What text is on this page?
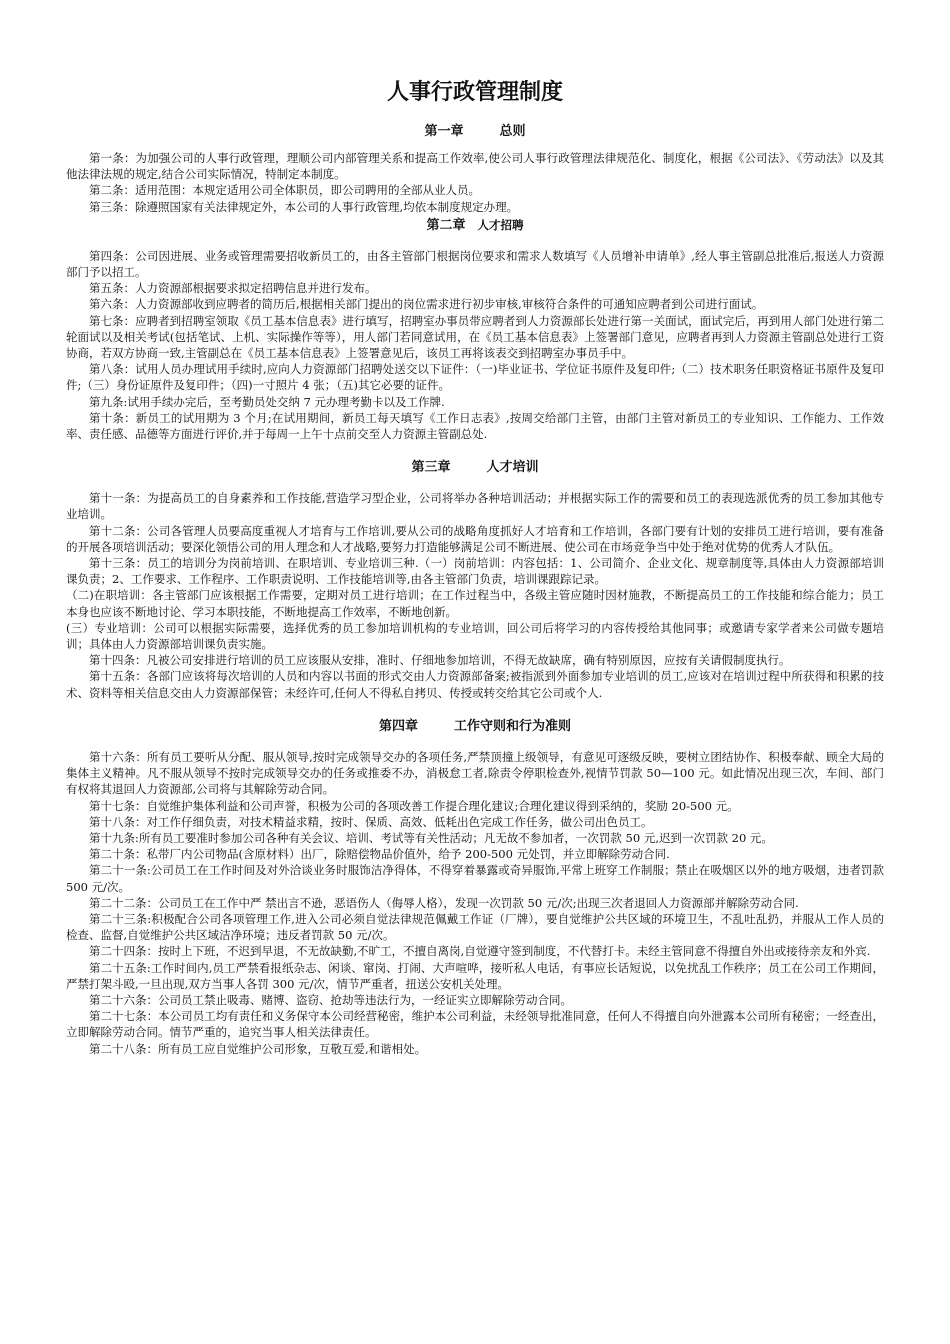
人事行政管理制度
第一章	总则

第一条：为加强公司的人事行政管理，理顺公司内部管理关系和提高工作效率,使公司人事行政管理法律规范化、制度化，根据《公司法》、《劳动法》以及其他法律法规的规定,结合公司实际情况，特制定本制度。

第二条：适用范围：本规定适用公司全体职员，即公司聘用的全部从业人员。

第三条：除遵照国家有关法律规定外，本公司的人事行政管理,均依本制度规定办理。

第二章 人才招聘

第四条：公司因进展、业务或管理需要招收新员工的，由各主管部门根据岗位要求和需求人数填写《人员增补申请单》,经人事主管副总批准后,报送人力资源部门予以招工。

第五条：人力资源部根据要求拟定招聘信息并进行发布。

第六条：人力资源部收到应聘者的简历后,根据相关部门提出的岗位需求进行初步审核,审核符合条件的可通知应聘者到公司进行面试。

第七条：应聘者到招聘室领取《员工基本信息表》进行填写，招聘室办事员带应聘者到人力资源部长处进行第一关面试，面试完后，再到用人部门处进行第二轮面试以及相关考试(包括笔试、上机、实际操作等等），用人部门若同意试用，在《员工基本信息表》上签署部门意见，应聘者再到人力资源主管副总处进行工资协商，若双方协商一致,主管副总在《员工基本信息表》上签署意见后，该员工再将该表交到招聘室办事员手中。

第八条：试用人员办理试用手续时,应向人力资源部门招聘处送交以下证件：（一)毕业证书、学位证书原件及复印件;（二）技术职务任职资格证书原件及复印件;（三）身份证原件及复印件；（四)一寸照片 4 张；（五)其它必要的证件。

第九条:试用手续办完后，至考勤员处交纳 7 元办理考勤卡以及工作牌.

第十条：新员工的试用期为 3 个月;在试用期间，新员工每天填写《工作日志表》,按周交给部门主管，由部门主管对新员工的专业知识、工作能力、工作效率、责任感、品德等方面进行评价,并于每周一上午十点前交至人力资源主管副总处.

第三章	人才培训

第十一条：为提高员工的自身素养和工作技能,营造学习型企业，公司将举办各种培训活动；并根据实际工作的需要和员工的表现选派优秀的员工参加其他专业培训。

第十二条：公司各管理人员要高度重视人才培育与工作培训,要从公司的战略角度抓好人才培育和工作培训，各部门要有计划的安排员工进行培训，要有准备的开展各项培训活动；要深化领悟公司的用人理念和人才战略,要努力打造能够满足公司不断进展、使公司在市场竞争当中处于绝对优势的优秀人才队伍。

第十三条：员工的培训分为岗前培训、在职培训、专业培训三种.（一）岗前培训：内容包括：1、公司简介、企业文化、规章制度等,具体由人力资源部培训课负责；2、工作要求、工作程序、工作职责说明、工作技能培训等,由各主管部门负责，培训课跟踪记录。

（二)在职培训：各主管部门应该根据工作需要，定期对员工进行培训；在工作过程当中，各级主管应随时因材施教，不断提高员工的工作技能和综合能力；员工本身也应该不断地讨论、学习本职技能，不断地提高工作效率，不断地创新。

(三）专业培训：公司可以根据实际需要，选择优秀的员工参加培训机构的专业培训，回公司后将学习的内容传授给其他同事；或邀请专家学者来公司做专题培训；具体由人力资源部培训课负责实施。

第十四条：凡被公司安排进行培训的员工应该服从安排，准时、仔细地参加培训，不得无故缺席，确有特别原因，应按有关请假制度执行。

第十五条：各部门应该将每次培训的人员和内容以书面的形式交由人力资源部备案;被指派到外面参加专业培训的员工,应该对在培训过程中所获得和积累的技术、资料等相关信息交由人力资源部保管；未经许可,任何人不得私自拷贝、传授或转交给其它公司或个人.

第四章	工作守则和行为准则

第十六条：所有员工要听从分配、服从领导,按时完成领导交办的各项任务,严禁顶撞上级领导，有意见可逐级反映，要树立团结协作、积极奉献、顾全大局的集体主义精神。凡不服从领导不按时完成领导交办的任务或推委不办，消极怠工者,除责令停职检查外,视情节罚款 50—100 元。如此情况出现三次，车间、部门有权将其退回人力资源部,公司将与其解除劳动合同。

第十七条：自觉维护集体利益和公司声誉，积极为公司的各项改善工作提合理化建议;合理化建议得到采纳的，奖励 20-500 元。

第十八条：对工作仔细负责，对技术精益求精，按时、保质、高效、低耗出色完成工作任务，做公司出色员工。

第十九条:所有员工要准时参加公司各种有关会议、培训、考试等有关性活动；凡无故不参加者，一次罚款 50 元,迟到一次罚款 20 元。

第二十条：私带厂内公司物品(含原材料）出厂，除赔偿物品价值外，给予 200-500 元处罚，并立即解除劳动合同.

第二十一条:公司员工在工作时间及对外洽谈业务时服饰洁净得体，不得穿着暴露或奇异服饰,平常上班穿工作制服；禁止在吸烟区以外的地方吸烟，违者罚款 500 元/次。

第二十二条：公司员工在工作中严 禁出言不逊，恶语伤人（侮辱人格），发现一次罚款 50 元/次;出现三次者退回人力资源部并解除劳动合同.

第二十三条:积极配合公司各项管理工作,进入公司必须自觉法律规范佩戴工作证（厂牌），要自觉维护公共区域的环境卫生，不乱吐乱扔，并服从工作人员的检查、监督,自觉维护公共区域洁净环境；违反者罚款 50 元/次。

第二十四条：按时上下班，不迟到早退，不无故缺勤,不旷工，不擅自离岗,自觉遵守签到制度，不代替打卡。未经主管同意不得擅自外出或接待亲友和外宾.

第二十五条:工作时间内,员工严禁看报纸杂志、闲谈、窜岗、打闹、大声喧哗，接听私人电话，有事应长话短说，以免扰乱工作秩序；员工在公司工作期间，严禁打架斗殴,一旦出现,双方当事人各罚 300 元/次，情节严重者，扭送公安机关处理。

第二十六条：公司员工禁止吸毒、赌博、盗窃、抢劫等违法行为，一经证实立即解除劳动合同。

第二十七条：本公司员工均有责任和义务保守本公司经营秘密，维护本公司利益，未经领导批准同意，任何人不得擅自向外泄露本公司所有秘密；一经查出，立即解除劳动合同。情节严重的，追究当事人相关法律责任。

第二十八条：所有员工应自觉维护公司形象，互敬互爱,和谐相处。
